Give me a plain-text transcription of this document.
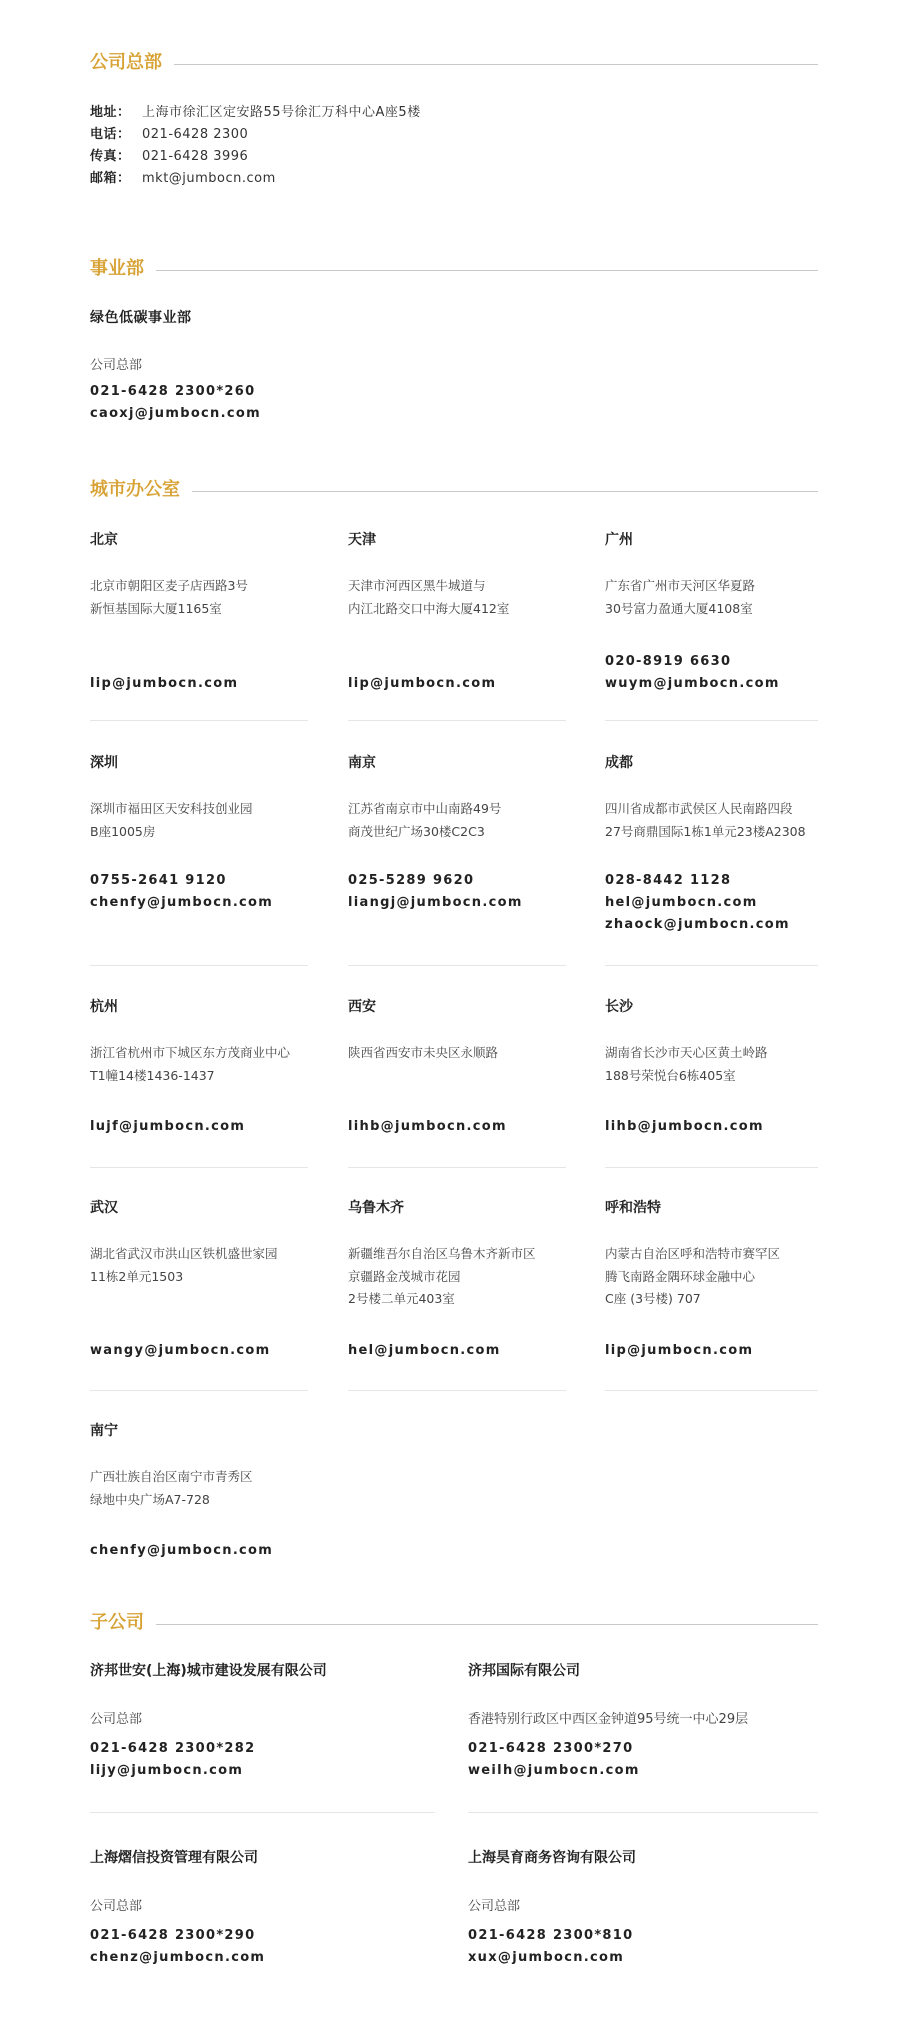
公司总部
地址： 上海市徐汇区定安路55号徐汇万科中心A座5楼
电话： 021-6428 2300
传真： 021-6428 3996
邮箱： mkt@jumbocn.com
事业部
绿色低碳事业部
公司总部
021-6428 2300*260
caoxj@jumbocn.com
城市办公室
北京
北京市朝阳区麦子店西路3号
新恒基国际大厦1165室
lip@jumbocn.com
天津
天津市河西区黑牛城道与
内江北路交口中海大厦412室
lip@jumbocn.com
广州
广东省广州市天河区华夏路
30号富力盈通大厦4108室
020-8919 6630
wuym@jumbocn.com
深圳
深圳市福田区天安科技创业园
B座1005房
0755-2641 9120
chenfy@jumbocn.com
南京
江苏省南京市中山南路49号
商茂世纪广场30楼C2C3
025-5289 9620
liangj@jumbocn.com
成都
四川省成都市武侯区人民南路四段
27号商鼎国际1栋1单元23楼A2308
028-8442 1128
hel@jumbocn.com
zhaock@jumbocn.com
杭州
浙江省杭州市下城区东方茂商业中心
T1幢14楼1436-1437
lujf@jumbocn.com
西安
陕西省西安市未央区永顺路
lihb@jumbocn.com
长沙
湖南省长沙市天心区黄土岭路
188号荣悦台6栋405室
lihb@jumbocn.com
武汉
湖北省武汉市洪山区铁机盛世家园
11栋2单元1503
wangy@jumbocn.com
乌鲁木齐
新疆维吾尔自治区乌鲁木齐新市区
京疆路金茂城市花园
2号楼二单元403室
hel@jumbocn.com
呼和浩特
内蒙古自治区呼和浩特市赛罕区
腾飞南路金隅环球金融中心
C座 (3号楼) 707
lip@jumbocn.com
南宁
广西壮族自治区南宁市青秀区
绿地中央广场A7-728
chenfy@jumbocn.com
子公司
济邦世安(上海)城市建设发展有限公司
公司总部
021-6428 2300*282
lijy@jumbocn.com
济邦国际有限公司
香港特别行政区中西区金钟道95号统一中心29层
021-6428 2300*270
weilh@jumbocn.com
上海熠信投资管理有限公司
公司总部
021-6428 2300*290
chenz@jumbocn.com
上海昊育商务咨询有限公司
公司总部
021-6428 2300*810
xux@jumbocn.com
